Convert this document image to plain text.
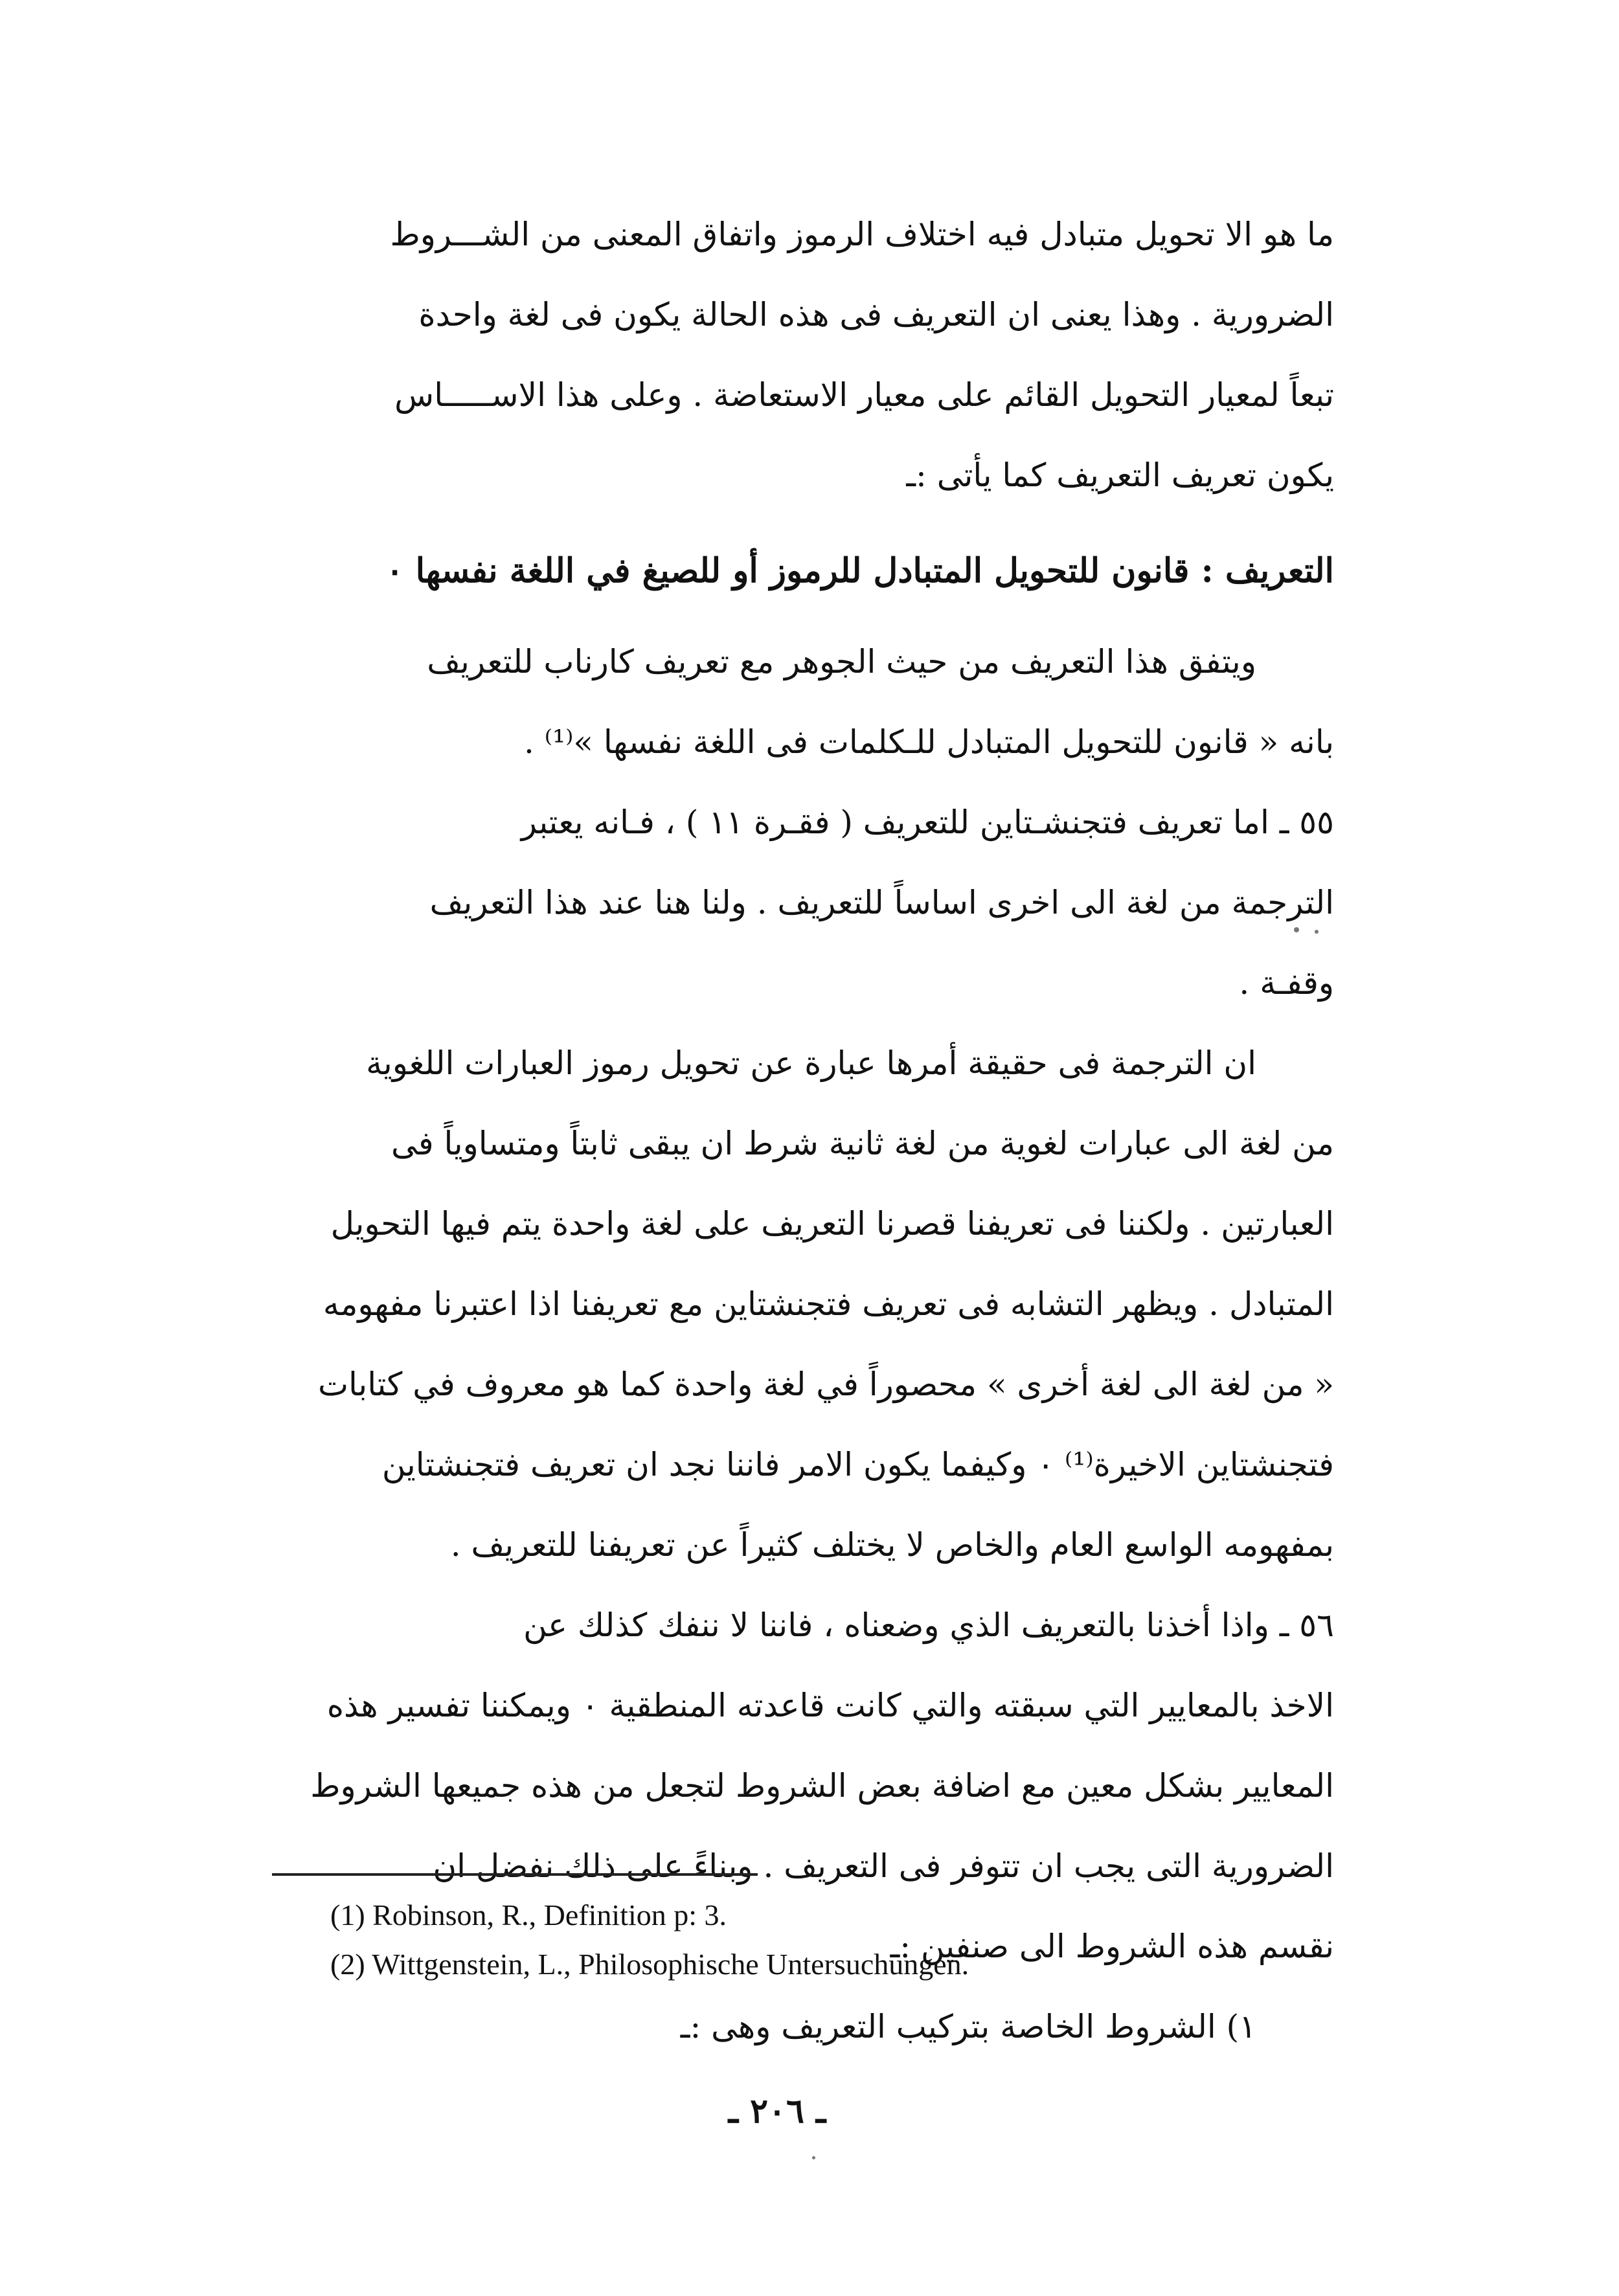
ما هو الا تحويل متبادل فيه اختلاف الرموز واتفاق المعنى من الشـــروط
الضرورية . وهذا يعنى ان التعريف فى هذه الحالة يكون فى لغة واحدة
تبعاً لمعيار التحويل القائم على معيار الاستعاضة . وعلى هذا الاســـــاس
يكون تعريف التعريف كما يأتى :ـ
التعريف : قانون للتحويل المتبادل للرموز أو للصيغ في اللغة نفسها ٠
ويتفق هذا التعريف من حيث الجوهر مع تعريف كارناب للتعريف
بانه « قانون للتحويل المتبادل للـكلمات فى اللغة نفسها »⁽¹⁾ .
٥٥ ـ اما تعريف فتجنشـتاين للتعريف ( فقـرة ١١ ) ، فـانه يعتبر
الترجمة من لغة الى اخرى اساساً للتعريف . ولنا هنا عند هذا التعريف
وقفـة .
ان الترجمة فى حقيقة أمرها عبارة عن تحويل رموز العبارات اللغوية
من لغة الى عبارات لغوية من لغة ثانية شرط ان يبقى ثابتاً ومتساوياً فى
العبارتين . ولكننا فى تعريفنا قصرنا التعريف على لغة واحدة يتم فيها التحويل
المتبادل . ويظهر التشابه فى تعريف فتجنشتاين مع تعريفنا اذا اعتبرنا مفهومه
« من لغة الى لغة أخرى » محصوراً في لغة واحدة كما هو معروف في كتابات
فتجنشتاين الاخيرة⁽¹⁾ ٠ وكيفما يكون الامر فاننا نجد ان تعريف فتجنشتاين
بمفهومه الواسع العام والخاص لا يختلف كثيراً عن تعريفنا للتعريف .
٥٦ ـ واذا أخذنا بالتعريف الذي وضعناه ، فاننا لا ننفك كذلك عن
الاخذ بالمعايير التي سبقته والتي كانت قاعدته المنطقية ٠ ويمكننا تفسير هذه
المعايير بشكل معين مع اضافة بعض الشروط لتجعل من هذه جميعها الشروط
الضرورية التى يجب ان تتوفر فى التعريف . وبناءً على ذلك نفضل ان
نقسم هذه الشروط الى صنفين :ـ
١) الشروط الخاصة بتركيب التعريف وهى :ـ
(1) Robinson, R., Definition p: 3.
(2) Wittgenstein, L., Philosophische Untersuchungen.
ـ ٢٠٦ ـ
